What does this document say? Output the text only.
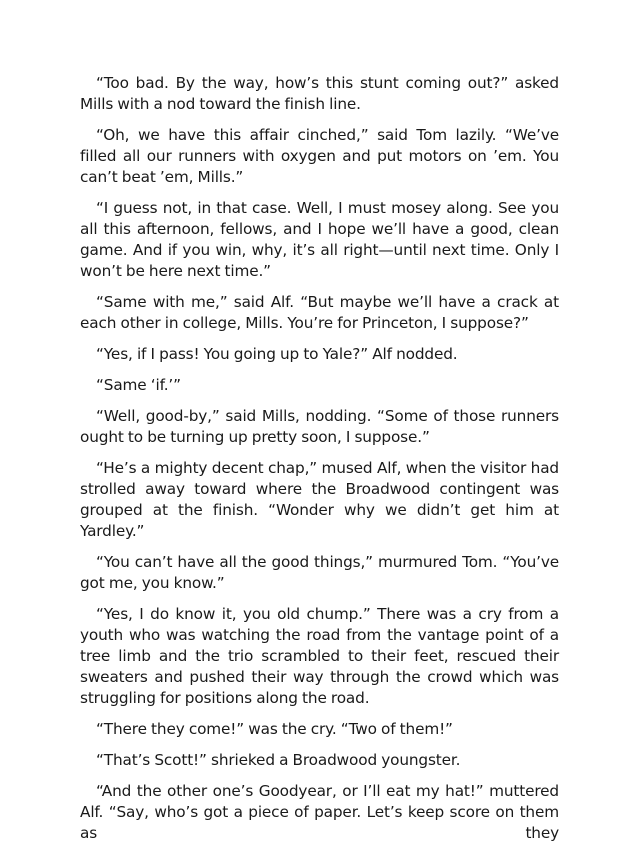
“Too bad. By the way, how’s this stunt coming out?” asked Mills with a nod toward the finish line.

“Oh, we have this affair cinched,” said Tom lazily. “We’ve filled all our runners with oxygen and put motors on ’em. You can’t beat ’em, Mills.”

“I guess not, in that case. Well, I must mosey along. See you all this afternoon, fellows, and I hope we’ll have a good, clean game. And if you win, why, it’s all right—until next time. Only I won’t be here next time.”

“Same with me,” said Alf. “But maybe we’ll have a crack at each other in college, Mills. You’re for Princeton, I suppose?”

“Yes, if I pass! You going up to Yale?” Alf nodded.

“Same ‘if.’”

“Well, good-by,” said Mills, nodding. “Some of those runners ought to be turning up pretty soon, I suppose.”

“He’s a mighty decent chap,” mused Alf, when the visitor had strolled away toward where the Broadwood contingent was grouped at the finish. “Wonder why we didn’t get him at Yardley.”

“You can’t have all the good things,” murmured Tom. “You’ve got me, you know.”

“Yes, I do know it, you old chump.” There was a cry from a youth who was watching the road from the vantage point of a tree limb and the trio scrambled to their feet, rescued their sweaters and pushed their way through the crowd which was struggling for positions along the road.

“There they come!” was the cry. “Two of them!”

“That’s Scott!” shrieked a Broadwood youngster.

“And the other one’s Goodyear, or I’ll eat my hat!” muttered Alf. “Say, who’s got a piece of paper. Let’s keep score on them as they
